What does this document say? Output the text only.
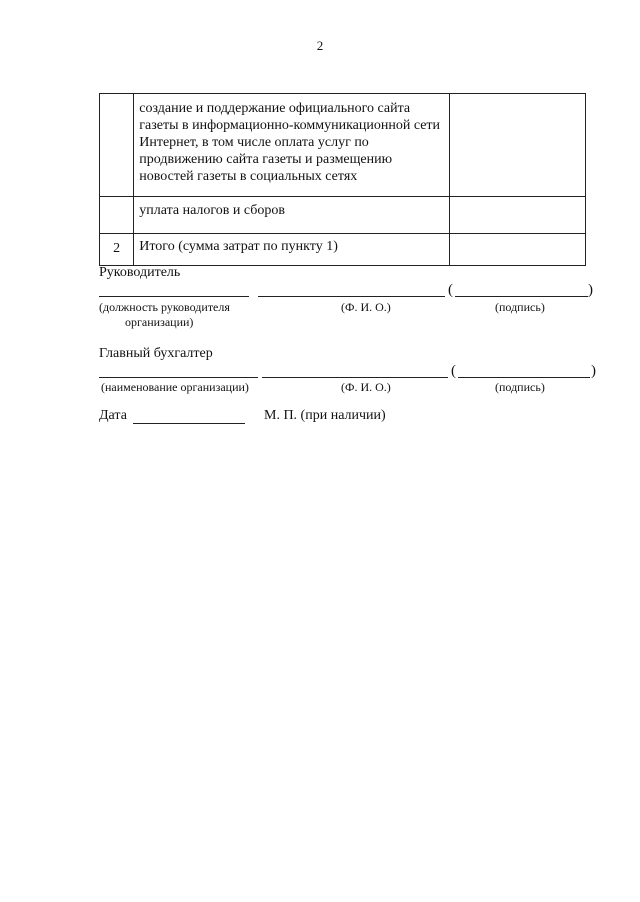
2
	создание и поддержание официального сайта газеты в информационно-коммуникационной сети Интернет, в том числе оплата услуг по продвижению сайта газеты и размещению новостей газеты в социальных сетях	

	уплата налогов и сборов	

2	Итого (сумма затрат по пункту 1)	
Руководитель
(	)
(должность руководителя
организации)
(Ф. И. О.)	(подпись)
Главный бухгалтер
(	)
(наименование организации)	(Ф. И. О.)	(подпись)
Дата	М. П. (при наличии)
